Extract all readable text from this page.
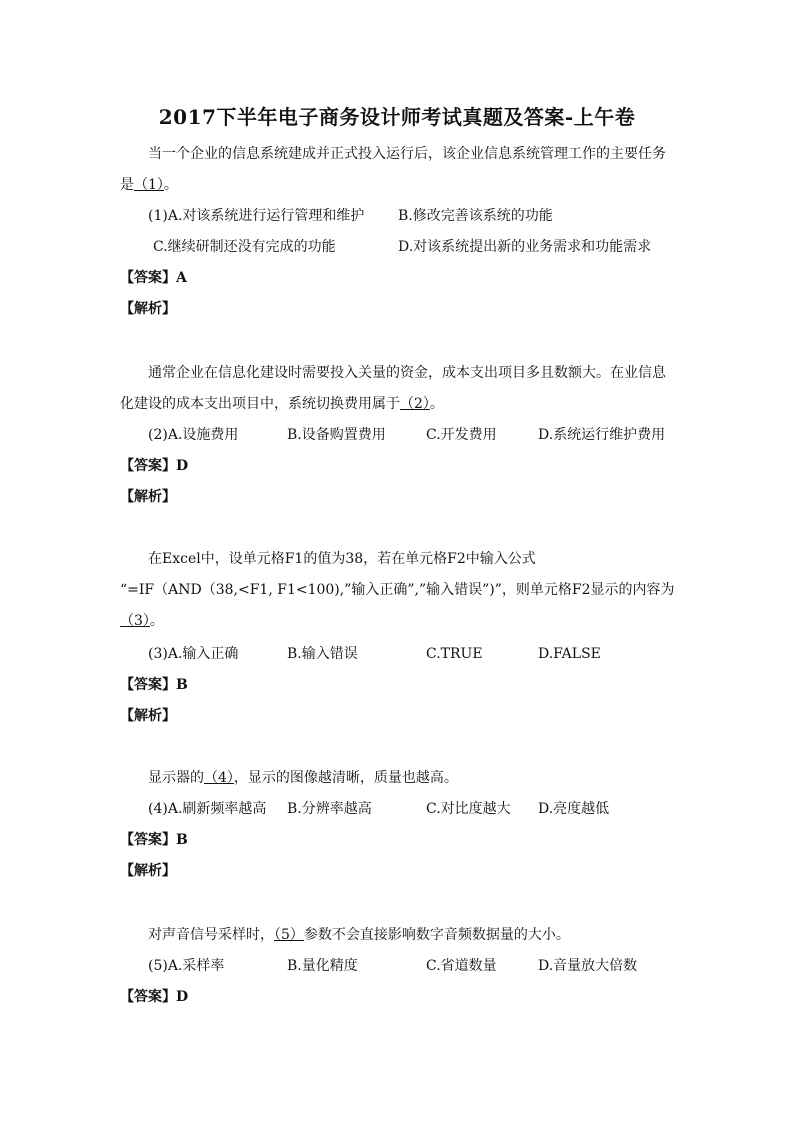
2017下半年电子商务设计师考试真题及答案-上午卷
当一个企业的信息系统建成并正式投入运行后，该企业信息系统管理工作的主要任务
是（1）。
(1)A.对该系统进行运行管理和维护 B.修改完善该系统的功能
C.继续研制还没有完成的功能	D.对该系统提出新的业务需求和功能需求
【答案】A
【解析】
通常企业在信息化建设时需要投入关量的资金，成本支出项目多且数额大。在业信息
化建设的成本支出项目中，系统切换费用属于（2）。
(2)A.设施费用	B.设备购置费用	C.开发费用	D.系统运行维护费用
【答案】D
【解析】
在Excel中，设单元格F1的值为38，若在单元格F2中输入公式
“=IF（AND（38,<F1, F1<100),”输入正确”,”输入错误”)”，则单元格F2显示的内容为
（3）。
(3)A.输入正确	B.输入错误	C.TRUE	D.FALSE
【答案】B
【解析】
显示器的（4），显示的图像越清晰，质量也越高。
(4)A.刷新频率越高 B.分辨率越高	C.对比度越大 D.亮度越低
【答案】B
【解析】
对声音信号采样时，（5）参数不会直接影响数字音频数据量的大小。
(5)A.采样率	B.量化精度	C.省道数量	D.音量放大倍数
【答案】D
